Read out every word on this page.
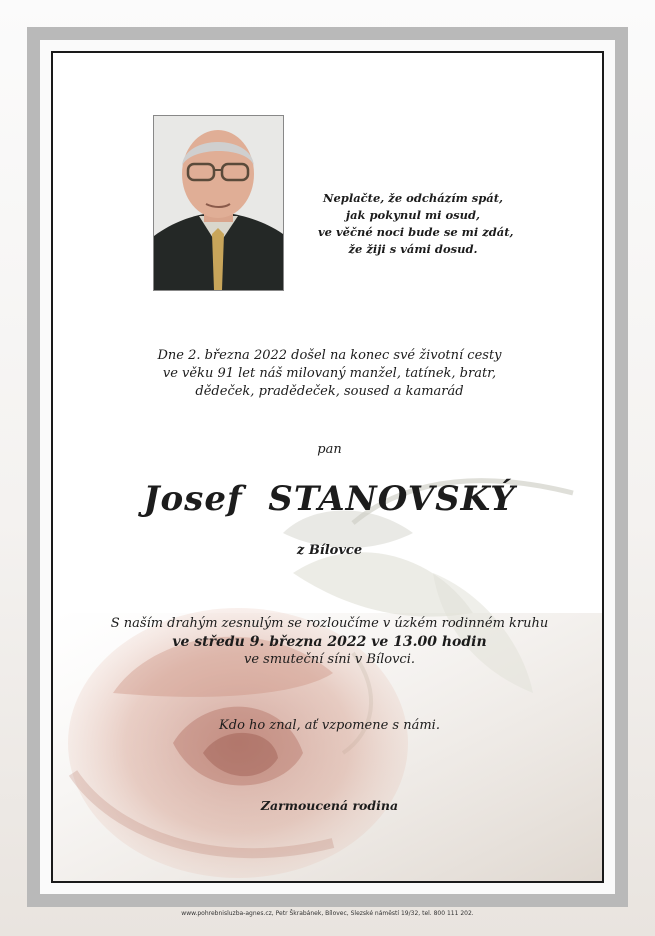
Neplačte, že odcházím spát,
jak pokynul mi osud,
ve věčné noci bude se mi zdát,
že žiji s vámi dosud.
Dne 2. března 2022 došel na konec své životní cesty
ve věku 91 let náš milovaný manžel, tatínek, bratr,
dědeček, pradědeček, soused a kamarád
pan
Josef STANOVSKÝ
z Bílovce
S naším drahým zesnulým se rozloučíme v úzkém rodinném kruhu
ve středu 9. března 2022 ve 13.00 hodin
ve smuteční síni v Bílovci.
Kdo ho znal, ať vzpomene s námi.
Zarmoucená rodina
www.pohrebnisluzba-agnes.cz, Petr Škrabánek, Bílovec, Slezské náměstí 19/32, tel. 800 111 202.
